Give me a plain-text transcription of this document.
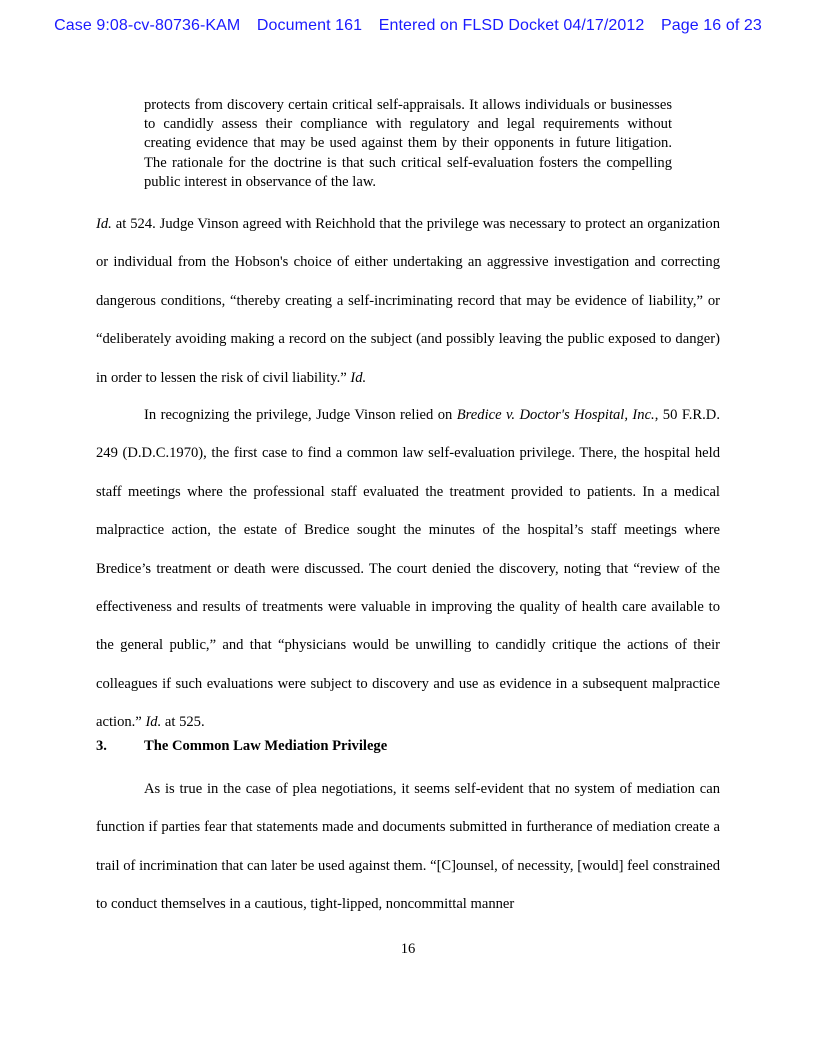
Case 9:08-cv-80736-KAM Document 161 Entered on FLSD Docket 04/17/2012 Page 16 of 23

protects from discovery certain critical self-appraisals. It allows individuals or businesses to candidly assess their compliance with regulatory and legal requirements without creating evidence that may be used against them by their opponents in future litigation. The rationale for the doctrine is that such critical self-evaluation fosters the compelling public interest in observance of the law.

Id. at 524. Judge Vinson agreed with Reichhold that the privilege was necessary to protect an organization or individual from the Hobson's choice of either undertaking an aggressive investigation and correcting dangerous conditions, “thereby creating a self-incriminating record that may be evidence of liability,” or “deliberately avoiding making a record on the subject (and possibly leaving the public exposed to danger) in order to lessen the risk of civil liability.” Id.

In recognizing the privilege, Judge Vinson relied on Bredice v. Doctor's Hospital, Inc., 50 F.R.D. 249 (D.D.C.1970), the first case to find a common law self-evaluation privilege. There, the hospital held staff meetings where the professional staff evaluated the treatment provided to patients. In a medical malpractice action, the estate of Bredice sought the minutes of the hospital’s staff meetings where Bredice’s treatment or death were discussed. The court denied the discovery, noting that “review of the effectiveness and results of treatments were valuable in improving the quality of health care available to the general public,” and that “physicians would be unwilling to candidly critique the actions of their colleagues if such evaluations were subject to discovery and use as evidence in a subsequent malpractice action.” Id. at 525.

3.	The Common Law Mediation Privilege

As is true in the case of plea negotiations, it seems self-evident that no system of mediation can function if parties fear that statements made and documents submitted in furtherance of mediation create a trail of incrimination that can later be used against them. “[C]ounsel, of necessity, [would] feel constrained to conduct themselves in a cautious, tight-lipped, noncommittal manner

16
